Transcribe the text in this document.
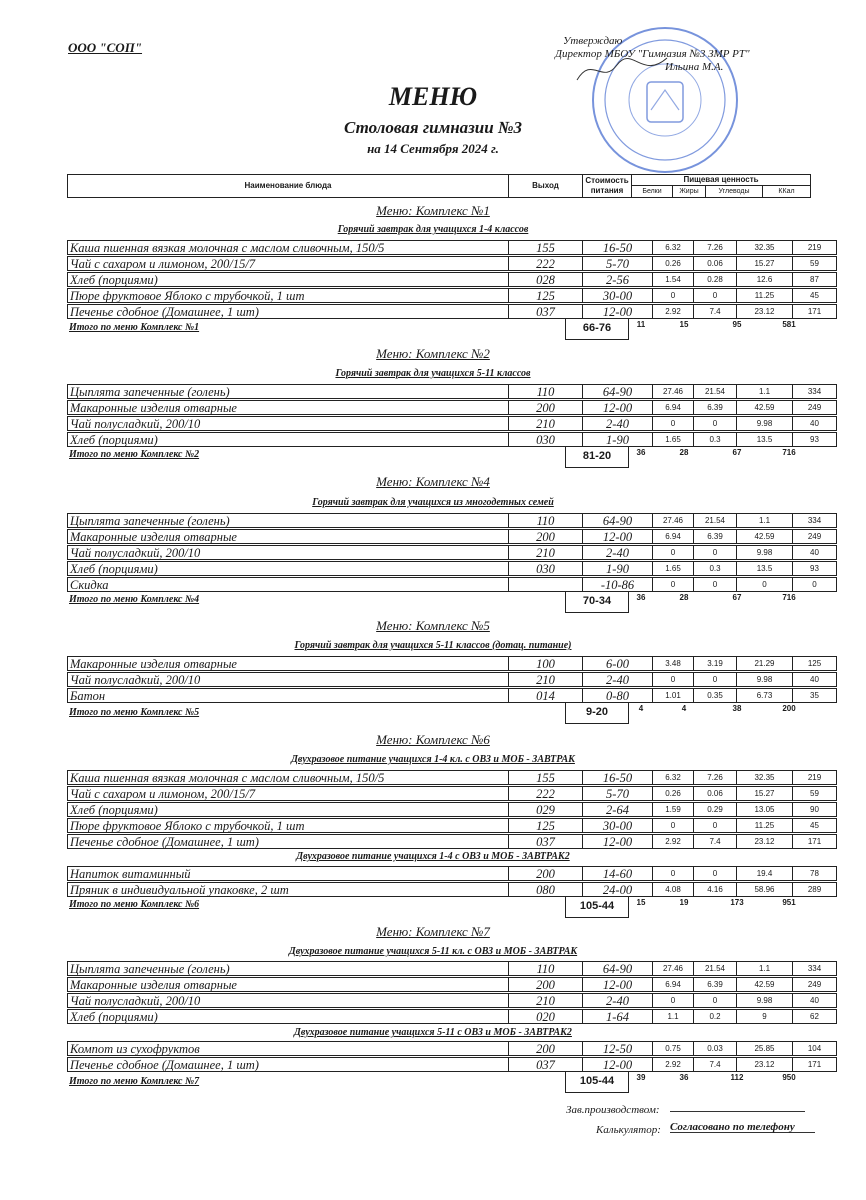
ООО "СОП"	Утверждаю
Директор МБОУ "Гимназия №3 ЗМР РТ"
Ильина М.А.
МЕНЮ
Столовая гимназии №3
на 14 Сентября 2024 г.
Наименование блюда	Выход
Стоимость питания
Пищевая ценность
Белки	Жиры	Углеводы	ККал
Меню: Комплекс №1
Горячий завтрак для учащихся 1-4 классов
Каша пшенная вязкая молочная с маслом сливочным, 150/5	155	16-50	6.32	7.26	32.35	219
Чай с сахаром и лимоном, 200/15/7	222	5-70	0.26	0.06	15.27	59
Хлеб (порциями)	028	2-56	1.54	0.28	12.6	87
Пюре фруктовое Яблоко с трубочкой, 1 шт	125	30-00	0	0	11.25	45
Печенье сдобное (Домашнее, 1 шт)	037	12-00	2.92	7.4	23.12	171
Итого по меню Комплекс №1	66-76	11	15	95	581
Меню: Комплекс №2
Горячий завтрак для учащихся 5-11 классов
Цыплята запеченные (голень)	110	64-90	27.46	21.54	1.1	334
Макаронные изделия отварные	200	12-00	6.94	6.39	42.59	249
Чай полусладкий, 200/10	210	2-40	0	0	9.98	40
Хлеб (порциями)	030	1-90	1.65	0.3	13.5	93
Итого по меню Комплекс №2	81-20	36	28	67	716
Меню: Комплекс №4
Горячий завтрак для учащихся из многодетных семей
Цыплята запеченные (голень)	110	64-90	27.46	21.54	1.1	334
Макаронные изделия отварные	200	12-00	6.94	6.39	42.59	249
Чай полусладкий, 200/10	210	2-40	0	0	9.98	40
Хлеб (порциями)	030	1-90	1.65	0.3	13.5	93
Скидка	-10-86	0	0	0	0
Итого по меню Комплекс №4	70-34	36	28	67	716
Меню: Комплекс №5
Горячий завтрак для учащихся 5-11 классов (дотац. питание)
Макаронные изделия отварные	100	6-00	3.48	3.19	21.29	125
Чай полусладкий, 200/10	210	2-40	0	0	9.98	40
Батон	014	0-80	1.01	0.35	6.73	35
Итого по меню Комплекс №5	9-20	4	4	38	200
Меню: Комплекс №6
Двухразовое питание учащихся 1-4 кл. с ОВЗ и МОБ - ЗАВТРАК
Каша пшенная вязкая молочная с маслом сливочным, 150/5	155	16-50	6.32	7.26	32.35	219
Чай с сахаром и лимоном, 200/15/7	222	5-70	0.26	0.06	15.27	59
Хлеб (порциями)	029	2-64	1.59	0.29	13.05	90
Пюре фруктовое Яблоко с трубочкой, 1 шт	125	30-00	0	0	11.25	45
Печенье сдобное (Домашнее, 1 шт)	037	12-00	2.92	7.4	23.12	171
Двухразовое питание учащихся 1-4 с ОВЗ и МОБ - ЗАВТРАК2
Напиток витаминный	200	14-60	0	0	19.4	78
Пряник в индивидуальной упаковке, 2 шт	080	24-00	4.08	4.16	58.96	289
Итого по меню Комплекс №6	105-44	15	19	173	951
Меню: Комплекс №7
Двухразовое питание учащихся 5-11 кл. с ОВЗ и МОБ - ЗАВТРАК
Цыплята запеченные (голень)	110	64-90	27.46	21.54	1.1	334
Макаронные изделия отварные	200	12-00	6.94	6.39	42.59	249
Чай полусладкий, 200/10	210	2-40	0	0	9.98	40
Хлеб (порциями)	020	1-64	1.1	0.2	9	62
Двухразовое питание учащихся 5-11 с ОВЗ и МОБ - ЗАВТРАК2
Компот из сухофруктов	200	12-50	0.75	0.03	25.85	104
Печенье сдобное (Домашнее, 1 шт)	037	12-00	2.92	7.4	23.12	171
Итого по меню Комплекс №7	105-44	39	36	112	950
Зав.производством:
Калькулятор: Согласовано по телефону
